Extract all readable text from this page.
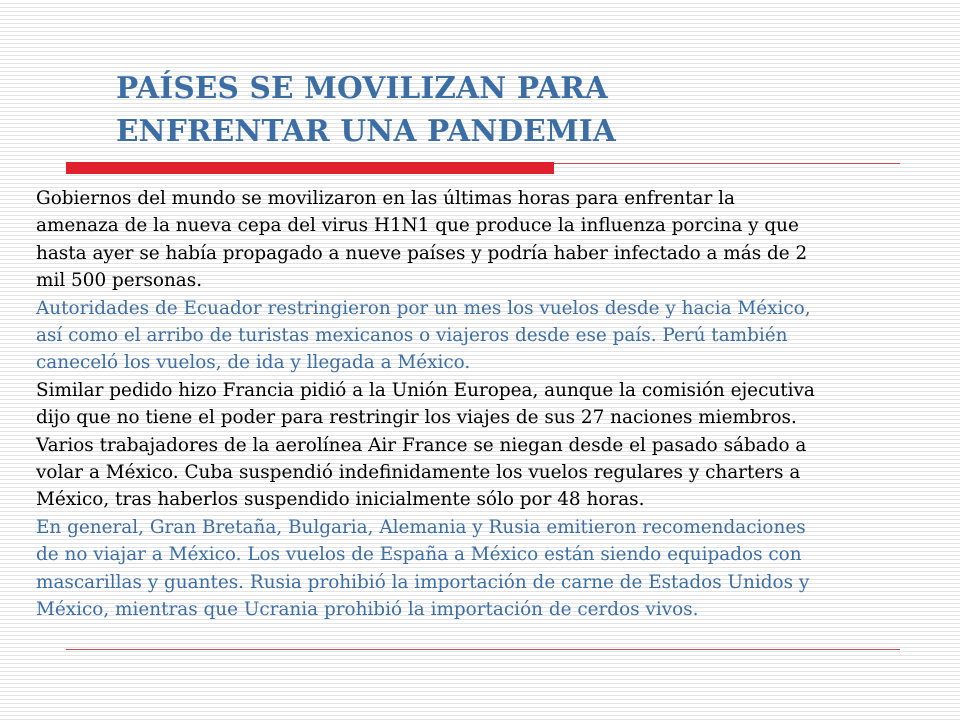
PAÍSES SE MOVILIZAN PARA
ENFRENTAR UNA PANDEMIA
Gobiernos del mundo se movilizaron en las últimas horas para enfrentar la
amenaza de la nueva cepa del virus H1N1 que produce la influenza porcina y que
hasta ayer se había propagado a nueve países y podría haber infectado a más de 2
mil 500 personas.
Autoridades de Ecuador restringieron por un mes los vuelos desde y hacia México,
así como el arribo de turistas mexicanos o viajeros desde ese país. Perú también
caneceló los vuelos, de ida y llegada a México.
Similar pedido hizo Francia pidió a la Unión Europea, aunque la comisión ejecutiva
dijo que no tiene el poder para restringir los viajes de sus 27 naciones miembros.
Varios trabajadores de la aerolínea Air France se niegan desde el pasado sábado a
volar a México. Cuba suspendió indefinidamente los vuelos regulares y charters a
México, tras haberlos suspendido inicialmente sólo por 48 horas.
En general, Gran Bretaña, Bulgaria, Alemania y Rusia emitieron recomendaciones
de no viajar a México. Los vuelos de España a México están siendo equipados con
mascarillas y guantes. Rusia prohibió la importación de carne de Estados Unidos y
México, mientras que Ucrania prohibió la importación de cerdos vivos.
